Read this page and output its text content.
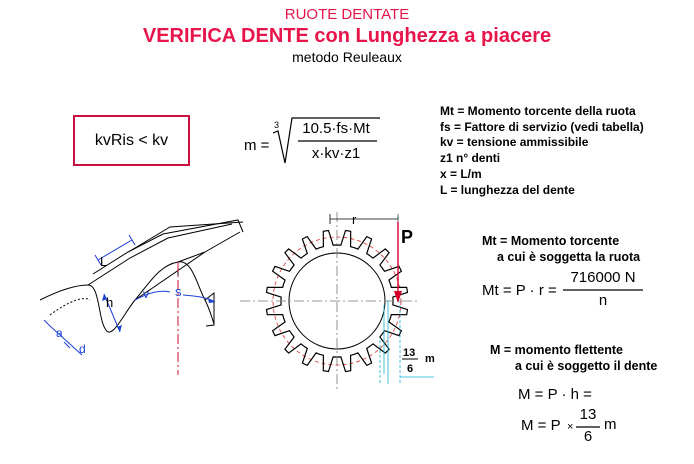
RUOTE DENTATE
VERIFICA DENTE con Lunghezza a piacere
metodo Reuleaux
kvRis < kv	m =
3	10.5·fs·Mt
x·kv·z1
Mt = Momento torcente della ruota
fs = Fattore di servizio (vedi tabella)
kv = tensione ammissibile
z1 n° denti
x = L/m
L = lunghezza del dente
L
h
v s
a
d
r
P
13
6
m
Mt = Momento torcente
a cui è soggetta la ruota
Mt = P · r =
716000 N
n
M = momento flettente
a cui è soggetto il dente
M = P · h =
M = P ×
13
6
m
